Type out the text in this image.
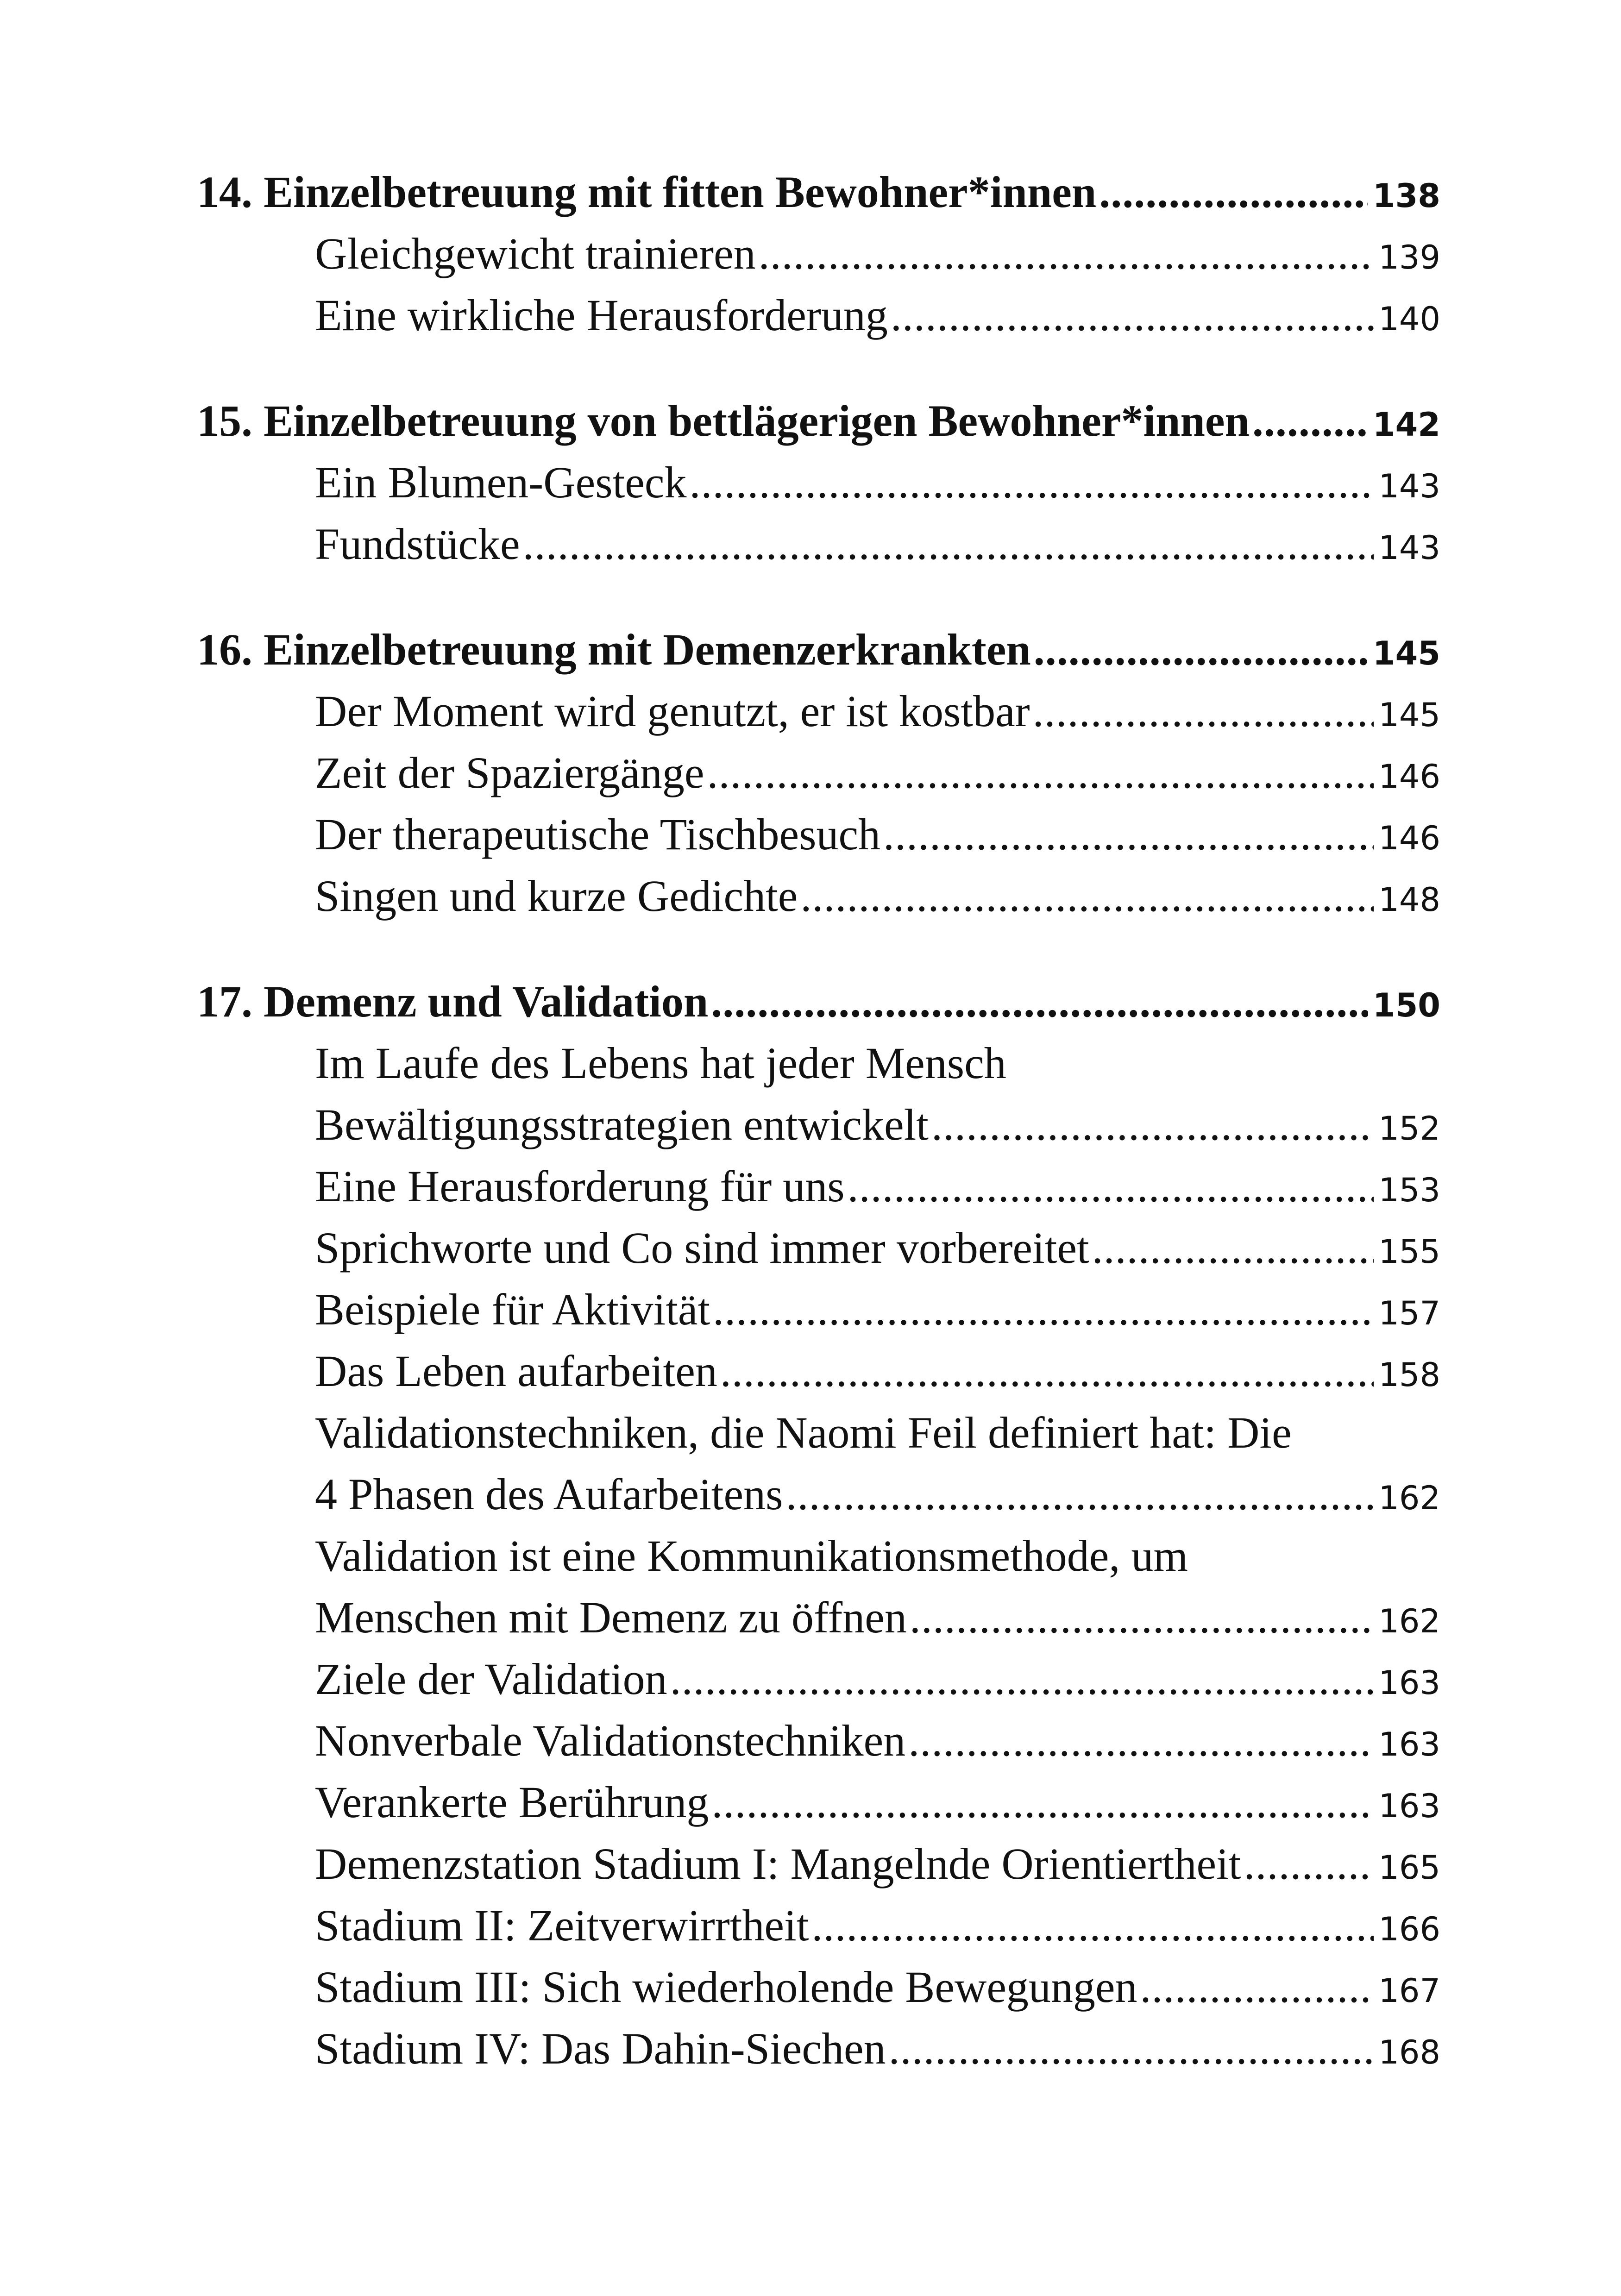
14. Einzelbetreuung mit fitten Bewohner*innen .....	138
Gleichgewicht trainieren .....	139
Eine wirkliche Herausforderung .....	140
15. Einzelbetreuung von bettlägerigen Bewohner*innen .....	142
Ein Blumen-Gesteck .....	143
Fundstücke .....	143
16. Einzelbetreuung mit Demenzerkrankten .....	145
Der Moment wird genutzt, er ist kostbar .....	145
Zeit der Spaziergänge .....	146
Der therapeutische Tischbesuch .....	146
Singen und kurze Gedichte .....	148
17. Demenz und Validation .....	150
Im Laufe des Lebens hat jeder Mensch
Bewältigungsstrategien entwickelt .....	152
Eine Herausforderung für uns .....	153
Sprichworte und Co sind immer vorbereitet .....	155
Beispiele für Aktivität .....	157
Das Leben aufarbeiten .....	158
Validationstechniken, die Naomi Feil definiert hat: Die
4 Phasen des Aufarbeitens .....	162
Validation ist eine Kommunikationsmethode, um
Menschen mit Demenz zu öffnen .....	162
Ziele der Validation .....	163
Nonverbale Validationstechniken .....	163
Verankerte Berührung .....	163
Demenzstation Stadium I: Mangelnde Orientiertheit .....	165
Stadium II: Zeitverwirrtheit .....	166
Stadium III: Sich wiederholende Bewegungen .....	167
Stadium IV: Das Dahin-Siechen .....	168
